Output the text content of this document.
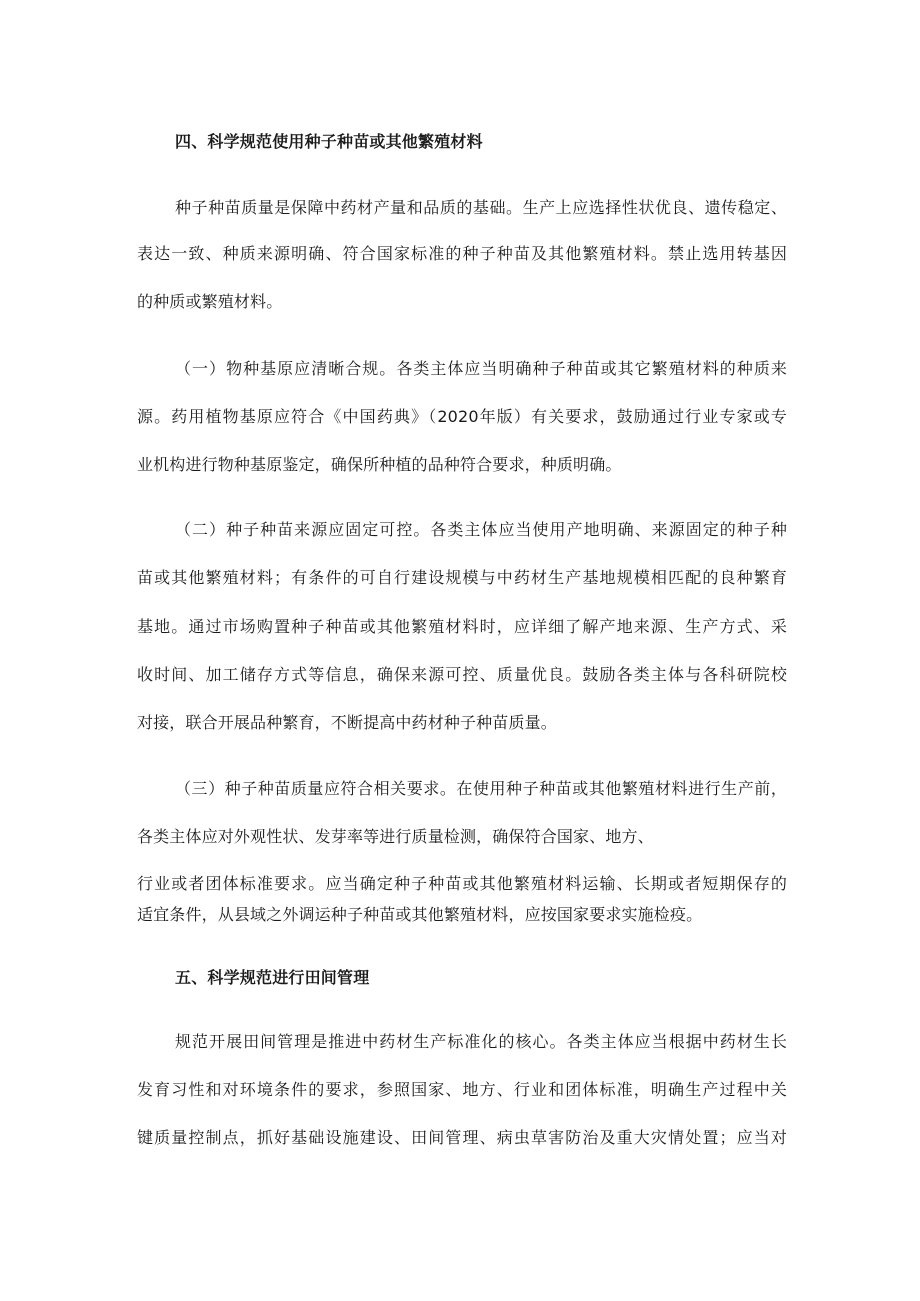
四、科学规范使用种子种苗或其他繁殖材料
种子种苗质量是保障中药材产量和品质的基础。生产上应选择性状优良、遗传稳定、
表达一致、种质来源明确、符合国家标准的种子种苗及其他繁殖材料。禁止选用转基因
的种质或繁殖材料。
（一）物种基原应清晰合规。各类主体应当明确种子种苗或其它繁殖材料的种质来
源。药用植物基原应符合《中国药典》（2020年版）有关要求，鼓励通过行业专家或专
业机构进行物种基原鉴定，确保所种植的品种符合要求，种质明确。
（二）种子种苗来源应固定可控。各类主体应当使用产地明确、来源固定的种子种
苗或其他繁殖材料；有条件的可自行建设规模与中药材生产基地规模相匹配的良种繁育
基地。通过市场购置种子种苗或其他繁殖材料时，应详细了解产地来源、生产方式、采
收时间、加工储存方式等信息，确保来源可控、质量优良。鼓励各类主体与各科研院校
对接，联合开展品种繁育，不断提高中药材种子种苗质量。
（三）种子种苗质量应符合相关要求。在使用种子种苗或其他繁殖材料进行生产前，
各类主体应对外观性状、发芽率等进行质量检测，确保符合国家、地方、
行业或者团体标准要求。应当确定种子种苗或其他繁殖材料运输、长期或者短期保存的
适宜条件，从县域之外调运种子种苗或其他繁殖材料，应按国家要求实施检疫。
五、科学规范进行田间管理
规范开展田间管理是推进中药材生产标准化的核心。各类主体应当根据中药材生长
发育习性和对环境条件的要求，参照国家、地方、行业和团体标准，明确生产过程中关
键质量控制点，抓好基础设施建设、田间管理、病虫草害防治及重大灾情处置；应当对
